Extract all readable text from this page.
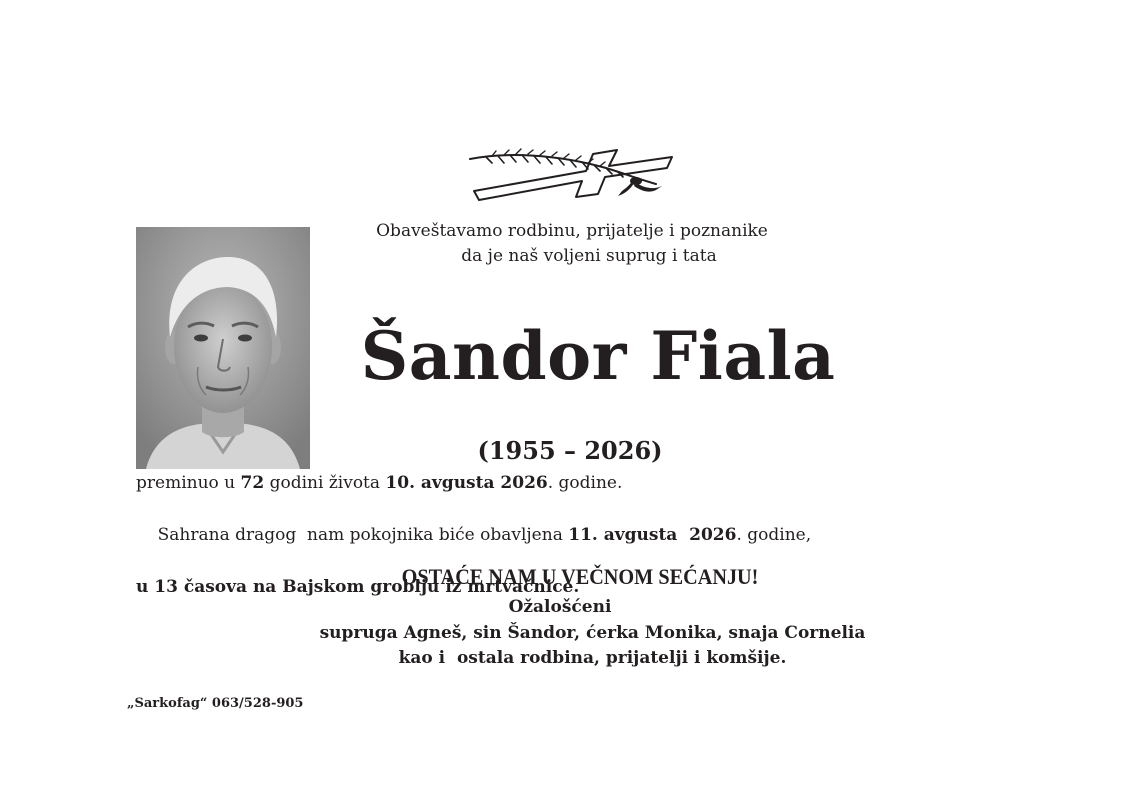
Obaveštavamo rodbinu, prijatelje i poznanike
da je naš voljeni suprug i tata
Šandor Fiala
(1955 – 2026)
preminuo u 72 godini života 10. avgusta 2026. godine.

Sahrana dragog  nam pokojnika biće obavljena 11. avgusta  2026. godine,

u 13 časova na Bajskom groblju iz mrtvačnice.
OSTAĆE NAM U VEČNOM SEĆANJU!
Ožalošćeni
supruga Agneš, sin Šandor, ćerka Monika, snaja Cornelia
kao i  ostala rodbina, prijatelji i komšije.
„Sarkofag“ 063/528-905
